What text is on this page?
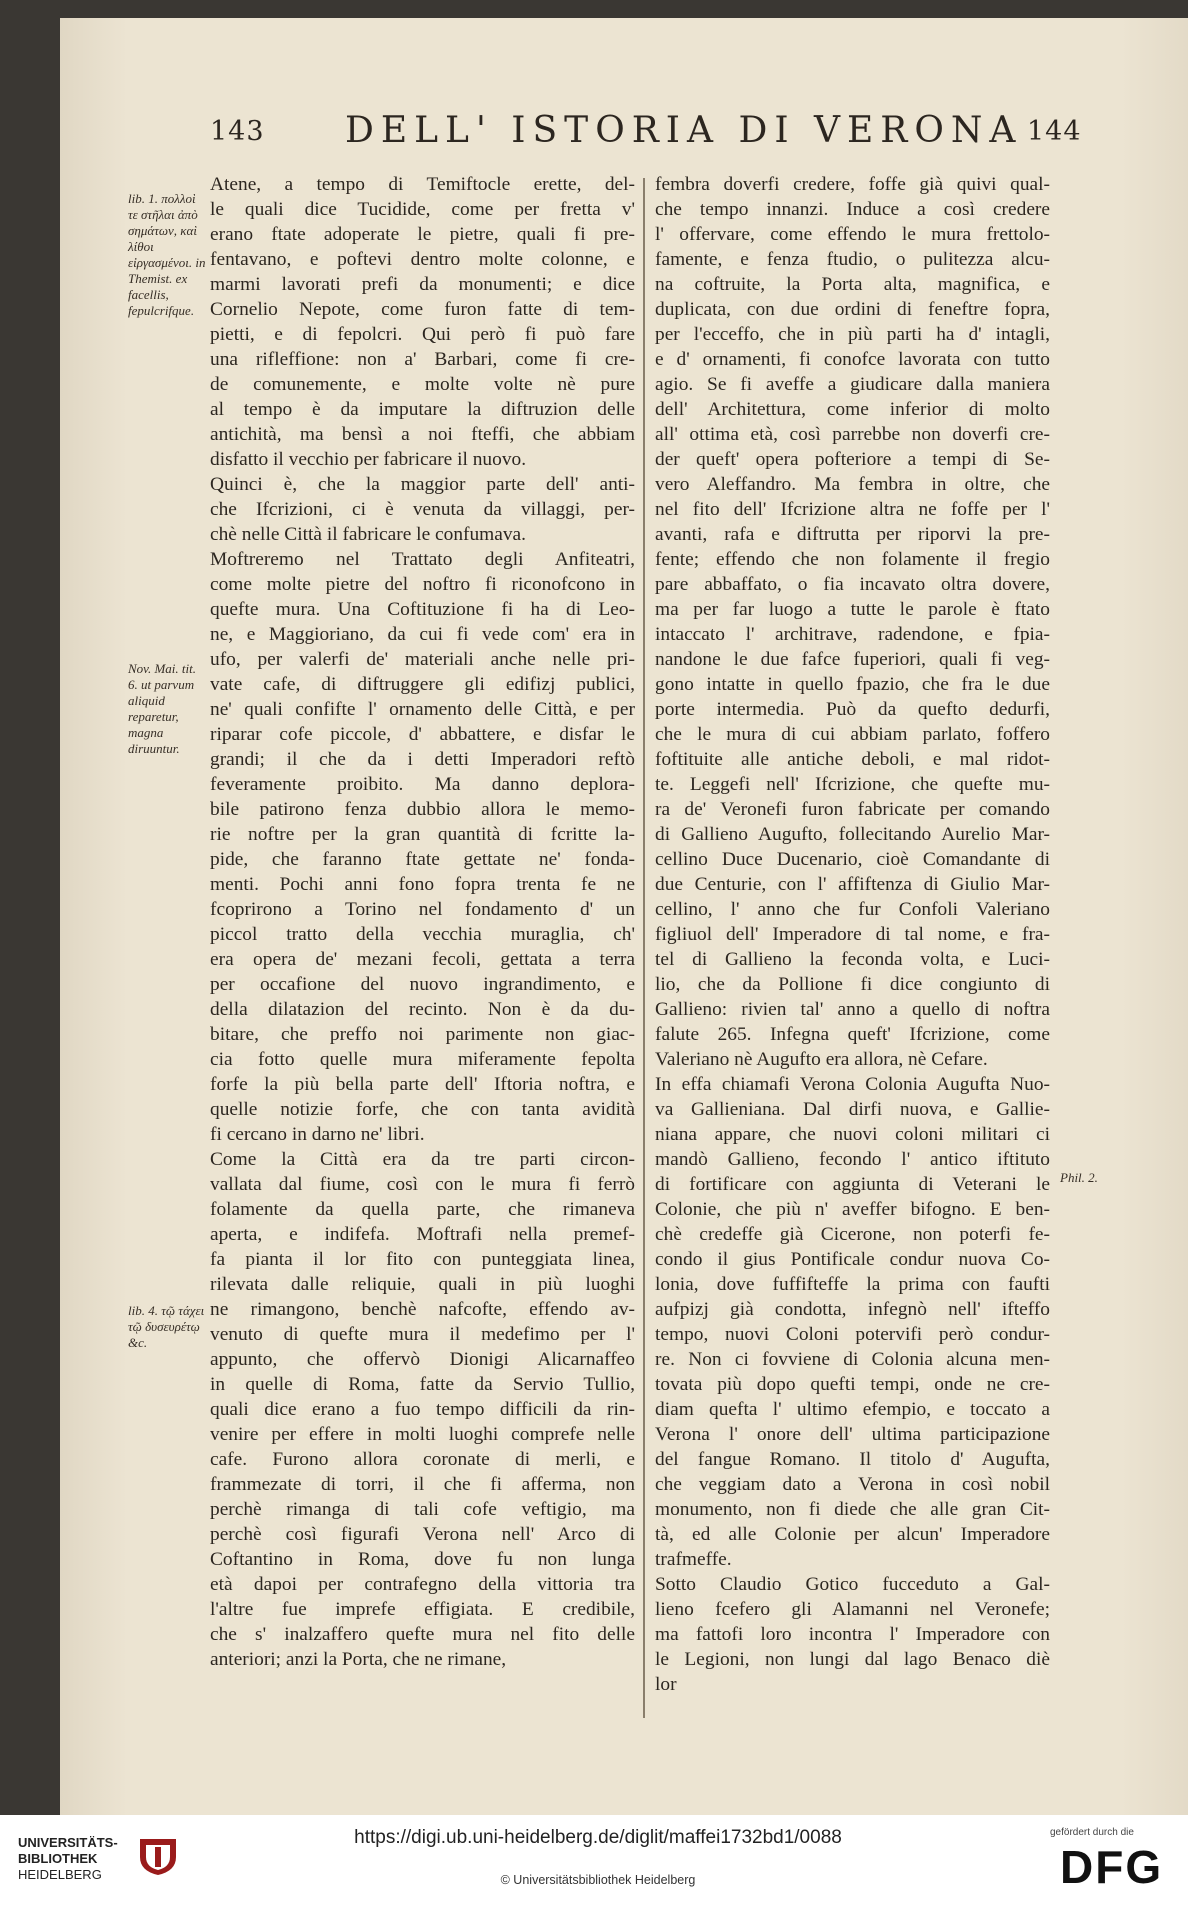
143 DELL' ISTORIA DI VERONA 144
Atene, a tempo di Temiftocle erette, del-
le quali dice Tucidide, come per fretta v'
erano ftate adoperate le pietre, quali fi pre-
fentavano, e poftevi dentro molte colonne, e
marmi lavorati prefi da monumenti; e dice
Cornelio Nepote, come furon fatte di tem-
pietti, e di fepolcri. Qui però fi può fare
una rifleffione: non a' Barbari, come fi cre-
de comunemente, e molte volte nè pure
al tempo è da imputare la diftruzion delle
antichità, ma bensì a noi fteffi, che abbiam
disfatto il vecchio per fabricare il nuovo.
Quinci è, che la maggior parte dell' anti-
che Ifcrizioni, ci è venuta da villaggi, per-
chè nelle Città il fabricare le confumava.
Moftreremo nel Trattato degli Anfiteatri,
come molte pietre del noftro fi riconofcono in
quefte mura. Una Coftituzione fi ha di Leo-
ne, e Maggioriano, da cui fi vede com' era in
ufo, per valerfi de' materiali anche nelle pri-
vate cafe, di diftruggere gli edifizj publici,
ne' quali confifte l' ornamento delle Città, e per
riparar cofe piccole, d' abbattere, e disfar le
grandi; il che da i detti Imperadori reftò
feveramente proibito. Ma danno deplora-
bile patirono fenza dubbio allora le memo-
rie noftre per la gran quantità di fcritte la-
pide, che faranno ftate gettate ne' fonda-
menti. Pochi anni fono fopra trenta fe ne
fcoprirono a Torino nel fondamento d' un
piccol tratto della vecchia muraglia, ch'
era opera de' mezani fecoli, gettata a terra
per occafione del nuovo ingrandimento, e
della dilatazion del recinto. Non è da du-
bitare, che preffo noi parimente non giac-
cia fotto quelle mura miferamente fepolta
forfe la più bella parte dell' Iftoria noftra, e
quelle notizie forfe, che con tanta avidità
fi cercano in darno ne' libri.
Come la Città era da tre parti circon-
vallata dal fiume, così con le mura fi ferrò
folamente da quella parte, che rimaneva
aperta, e indifefa. Moftrafi nella premef-
fa pianta il lor fito con punteggiata linea,
rilevata dalle reliquie, quali in più luoghi
ne rimangono, benchè nafcofte, effendo av-
venuto di quefte mura il medefimo per l'
appunto, che offervò Dionigi Alicarnaffeo
in quelle di Roma, fatte da Servio Tullio,
quali dice erano a fuo tempo difficili da rin-
venire per effere in molti luoghi comprefe nelle
cafe. Furono allora coronate di merli, e
frammezate di torri, il che fi afferma, non
perchè rimanga di tali cofe veftigio, ma
perchè così figurafi Verona nell' Arco di
Coftantino in Roma, dove fu non lunga
età dapoi per contrafegno della vittoria tra
l'altre fue imprefe effigiata. E credibile,
che s' inalzaffero quefte mura nel fito delle
anteriori; anzi la Porta, che ne rimane,
fembra doverfi credere, foffe già quivi qual-
che tempo innanzi. Induce a così credere
l' offervare, come effendo le mura frettolo-
famente, e fenza ftudio, o pulitezza alcu-
na coftruite, la Porta alta, magnifica, e
duplicata, con due ordini di feneftre fopra,
per l'ecceffo, che in più parti ha d' intagli,
e d' ornamenti, fi conofce lavorata con tutto
agio. Se fi aveffe a giudicare dalla maniera
dell' Architettura, come inferior di molto
all' ottima età, così parrebbe non doverfi cre-
der queft' opera pofteriore a tempi di Se-
vero Aleffandro. Ma fembra in oltre, che
nel fito dell' Ifcrizione altra ne foffe per l'
avanti, rafa e diftrutta per riporvi la pre-
fente; effendo che non folamente il fregio
pare abbaffato, o fia incavato oltra dovere,
ma per far luogo a tutte le parole è ftato
intaccato l' architrave, radendone, e fpia-
nandone le due fafce fuperiori, quali fi veg-
gono intatte in quello fpazio, che fra le due
porte intermedia. Può da quefto dedurfi,
che le mura di cui abbiam parlato, foffero
foftituite alle antiche deboli, e mal ridot-
te. Leggefi nell' Ifcrizione, che quefte mu-
ra de' Veronefi furon fabricate per comando
di Gallieno Augufto, follecitando Aurelio Mar-
cellino Duce Ducenario, cioè Comandante di
due Centurie, con l' affiftenza di Giulio Mar-
cellino, l' anno che fur Confoli Valeriano
figliuol dell' Imperadore di tal nome, e fra-
tel di Gallieno la feconda volta, e Luci-
lio, che da Pollione fi dice congiunto di
Gallieno: rivien tal' anno a quello di noftra
falute 265. Infegna queft' Ifcrizione, come
Valeriano nè Augufto era allora, nè Cefare.
In effa chiamafi Verona Colonia Augufta Nuo-
va Gallieniana. Dal dirfi nuova, e Gallie-
niana appare, che nuovi coloni militari ci
mandò Gallieno, fecondo l' antico iftituto
di fortificare con aggiunta di Veterani le
Colonie, che più n' aveffer bifogno. E ben-
chè credeffe già Cicerone, non poterfi fe-
condo il gius Pontificale condur nuova Co-
lonia, dove fuffifteffe la prima con faufti
aufpizj già condotta, infegnò nell' ifteffo
tempo, nuovi Coloni potervifi però condur-
re. Non ci fovviene di Colonia alcuna men-
tovata più dopo quefti tempi, onde ne cre-
diam quefta l' ultimo efempio, e toccato a
Verona l' onore dell' ultima participazione
del fangue Romano. Il titolo d' Augufta,
che veggiam dato a Verona in così nobil
monumento, non fi diede che alle gran Cit-
tà, ed alle Colonie per alcun' Imperadore
trafmeffe.
Sotto Claudio Gotico fucceduto a Gal-
lieno fcefero gli Alamanni nel Veronefe;
ma fattofi loro incontra l' Imperadore con
le Legioni, non lungi dal lago Benaco diè
lor
lib. 1. πολλοὶ τε στῆλαι ἀπὸ σημάτων, καὶ λίθοι εἰργασμένοι. in Themist. ex facellis, fepulcrifque.
Nov. Mai. tit. 6. ut parvum aliquid reparetur, magna diruuntur.
lib. 4. τῷ τάχει τῷ δυσευρέτῳ &c.
Phil. 2.
UNIVERSITÄTS-
BIBLIOTHEK
HEIDELBERG
https://digi.ub.uni-heidelberg.de/diglit/maffei1732bd1/0088
© Universitätsbibliothek Heidelberg
gefördert durch die
DFG
